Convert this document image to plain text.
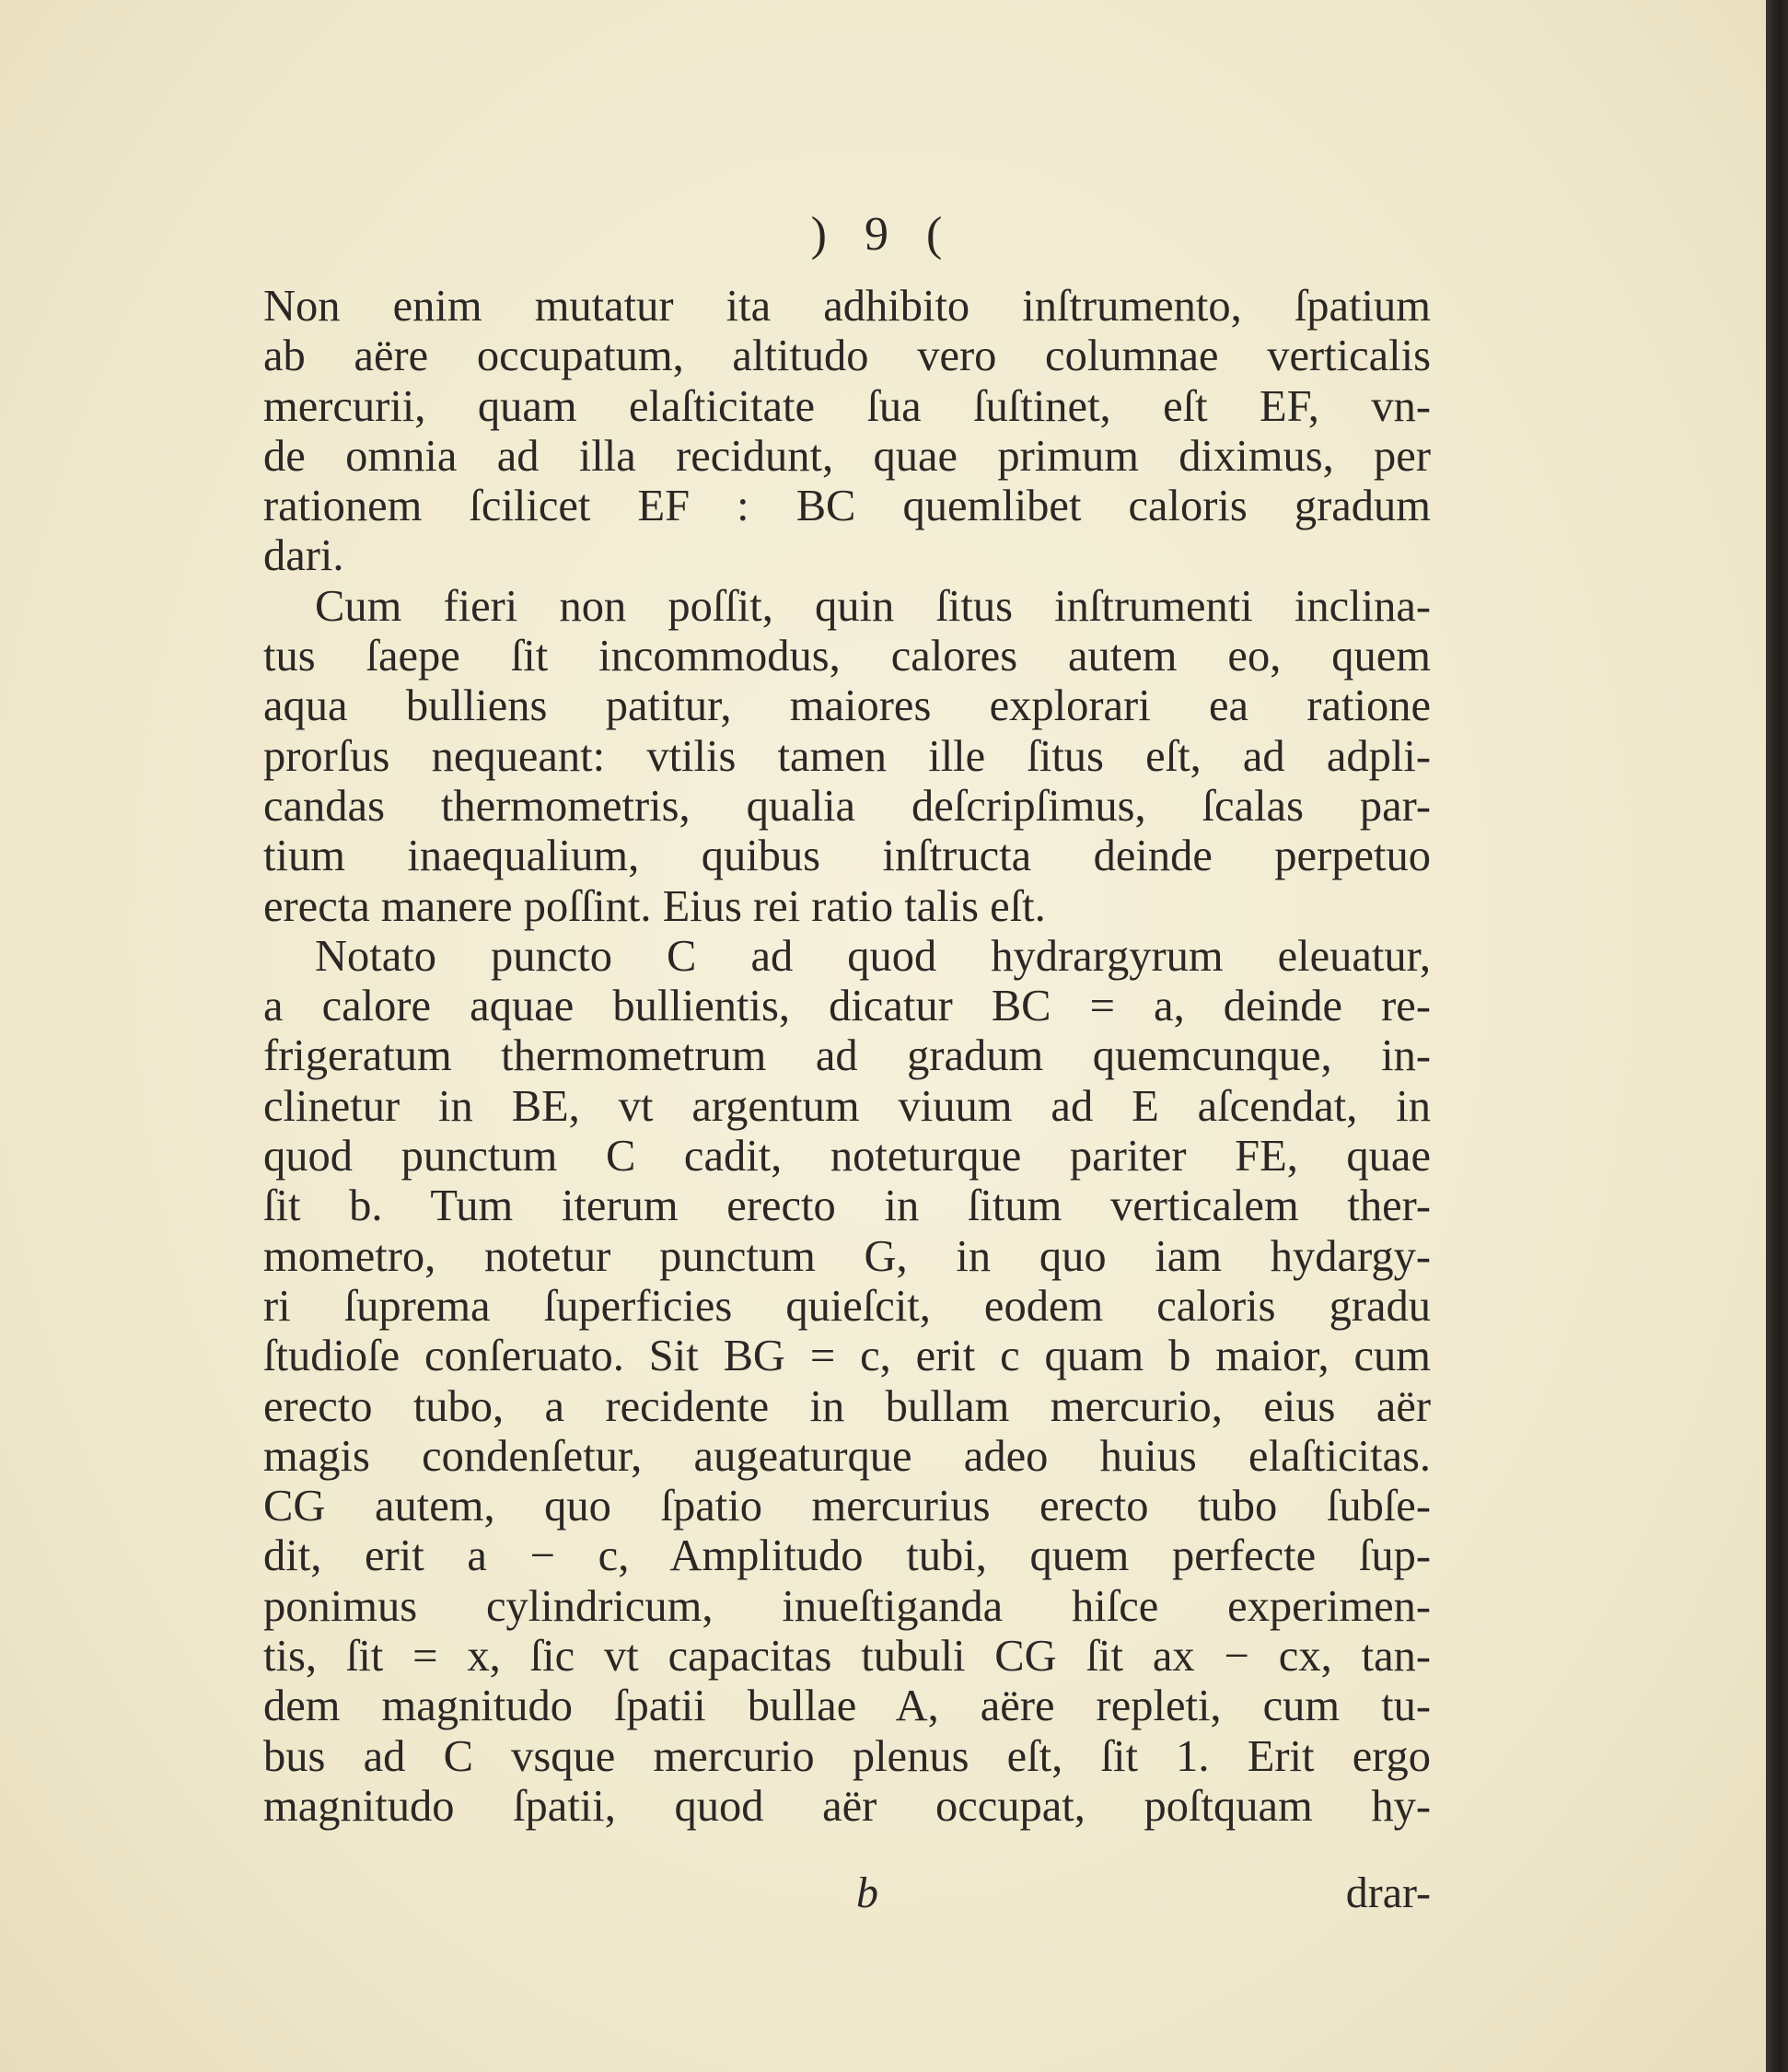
) 9 (
Non enim mutatur ita adhibito inſtrumento, ſpatium
ab aëre occupatum, altitudo vero columnae verticalis
mercurii, quam elaſticitate ſua ſuſtinet, eſt EF, vn-
de omnia ad illa recidunt, quae primum diximus, per
rationem ſcilicet EF : BC quemlibet caloris gradum
dari.
Cum fieri non poſſit, quin ſitus inſtrumenti inclina-
tus ſaepe ſit incommodus, calores autem eo, quem
aqua bulliens patitur, maiores explorari ea ratione
prorſus nequeant: vtilis tamen ille ſitus eſt, ad adpli-
candas thermometris, qualia deſcripſimus, ſcalas par-
tium inaequalium, quibus inſtructa deinde perpetuo
erecta manere poſſint. Eius rei ratio talis eſt.
Notato puncto C ad quod hydrargyrum eleuatur,
a calore aquae bullientis, dicatur BC = a, deinde re-
frigeratum thermometrum ad gradum quemcunque, in-
clinetur in BE, vt argentum viuum ad E aſcendat, in
quod punctum C cadit, noteturque pariter FE, quae
ſit b. Tum iterum erecto in ſitum verticalem ther-
mometro, notetur punctum G, in quo iam hydargy-
ri ſuprema ſuperficies quieſcit, eodem caloris gradu
ſtudioſe conſeruato. Sit BG = c, erit c quam b maior, cum
erecto tubo, a recidente in bullam mercurio, eius aër
magis condenſetur, augeaturque adeo huius elaſticitas.
CG autem, quo ſpatio mercurius erecto tubo ſubſe-
dit, erit a − c, Amplitudo tubi, quem perfecte ſup-
ponimus cylindricum, inueſtiganda hiſce experimen-
tis, ſit = x, ſic vt capacitas tubuli CG ſit ax − cx, tan-
dem magnitudo ſpatii bullae A, aëre repleti, cum tu-
bus ad C vsque mercurio plenus eſt, ſit 1. Erit ergo
magnitudo ſpatii, quod aër occupat, poſtquam hy-
b	drar-
